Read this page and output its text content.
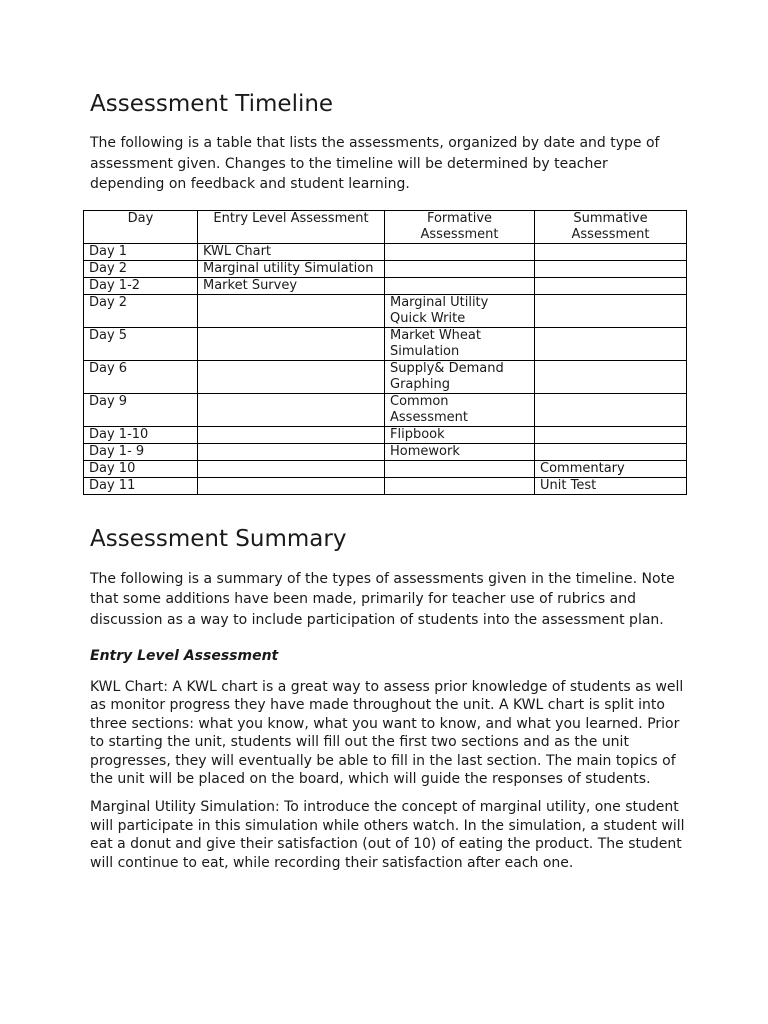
Assessment Timeline

The following is a table that lists the assessments, organized by date and type of assessment given. Changes to the timeline will be determined by teacher depending on feedback and student learning.

Day	Entry Level Assessment	Formative Assessment	Summative Assessment
Day 1	KWL Chart		
Day 2	Marginal utility Simulation		
Day 1-2	Market Survey		
Day 2		Marginal Utility Quick Write	
Day 5		Market Wheat Simulation	
Day 6		Supply& Demand Graphing	
Day 9		Common Assessment	
Day 1-10		Flipbook	
Day 1- 9		Homework	
Day 10			Commentary
Day 11			Unit Test
Assessment Summary

The following is a summary of the types of assessments given in the timeline. Note that some additions have been made, primarily for teacher use of rubrics and discussion as a way to include participation of students into the assessment plan.

Entry Level Assessment

KWL Chart: A KWL chart is a great way to assess prior knowledge of students as well as monitor progress they have made throughout the unit. A KWL chart is split into three sections: what you know, what you want to know, and what you learned. Prior to starting the unit, students will fill out the first two sections and as the unit progresses, they will eventually be able to fill in the last section. The main topics of the unit will be placed on the board, which will guide the responses of students.

Marginal Utility Simulation: To introduce the concept of marginal utility, one student will participate in this simulation while others watch. In the simulation, a student will eat a donut and give their satisfaction (out of 10) of eating the product. The student will continue to eat, while recording their satisfaction after each one.
